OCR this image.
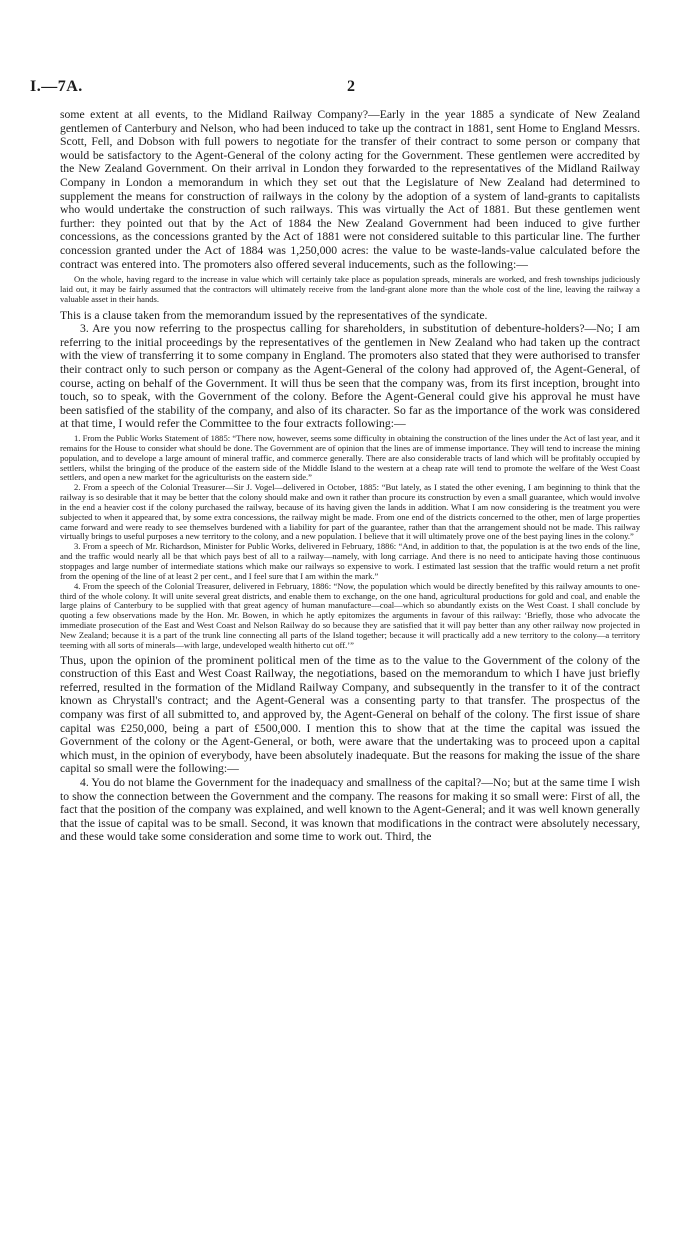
I.—7A.	2

some extent at all events, to the Midland Railway Company?—Early in the year 1885 a syndicate of New Zealand gentlemen of Canterbury and Nelson, who had been induced to take up the contract in 1881, sent Home to England Messrs. Scott, Fell, and Dobson with full powers to negotiate for the transfer of their contract to some person or company that would be satisfactory to the Agent-General of the colony acting for the Government. These gentlemen were accredited by the New Zealand Government. On their arrival in London they forwarded to the representatives of the Midland Railway Company in London a memorandum in which they set out that the Legislature of New Zealand had determined to supplement the means for construction of railways in the colony by the adoption of a system of land-grants to capitalists who would undertake the construction of such railways. This was virtually the Act of 1881. But these gentlemen went further: they pointed out that by the Act of 1884 the New Zealand Government had been induced to give further concessions, as the concessions granted by the Act of 1881 were not considered suitable to this particular line. The further concession granted under the Act of 1884 was 1,250,000 acres: the value to be waste-lands-value calculated before the contract was entered into. The promoters also offered several inducements, such as the following:—

On the whole, having regard to the increase in value which will certainly take place as population spreads, minerals are worked, and fresh townships judiciously laid out, it may be fairly assumed that the contractors will ultimately receive from the land-grant alone more than the whole cost of the line, leaving the railway a valuable asset in their hands.

This is a clause taken from the memorandum issued by the representatives of the syndicate.

3. Are you now referring to the prospectus calling for shareholders, in substitution of debenture-holders?—No; I am referring to the initial proceedings by the representatives of the gentlemen in New Zealand who had taken up the contract with the view of transferring it to some company in England. The promoters also stated that they were authorised to transfer their contract only to such person or company as the Agent-General of the colony had approved of, the Agent-General, of course, acting on behalf of the Government. It will thus be seen that the company was, from its first inception, brought into touch, so to speak, with the Government of the colony. Before the Agent-General could give his approval he must have been satisfied of the stability of the company, and also of its character. So far as the importance of the work was considered at that time, I would refer the Committee to the four extracts following:—

1. From the Public Works Statement of 1885: “There now, however, seems some difficulty in obtaining the construction of the lines under the Act of last year, and it remains for the House to consider what should be done. The Government are of opinion that the lines are of immense importance. They will tend to increase the mining population, and to develope a large amount of mineral traffic, and commerce generally. There are also considerable tracts of land which will be profitably occupied by settlers, whilst the bringing of the produce of the eastern side of the Middle Island to the western at a cheap rate will tend to promote the welfare of the West Coast settlers, and open a new market for the agriculturists on the eastern side.”

2. From a speech of the Colonial Treasurer—Sir J. Vogel—delivered in October, 1885: “But lately, as I stated the other evening, I am beginning to think that the railway is so desirable that it may be better that the colony should make and own it rather than procure its construction by even a small guarantee, which would involve in the end a heavier cost if the colony purchased the railway, because of its having given the lands in addition. What I am now considering is the treatment you were subjected to when it appeared that, by some extra concessions, the railway might be made. From one end of the districts concerned to the other, men of large properties came forward and were ready to see themselves burdened with a liability for part of the guarantee, rather than that the arrangement should not be made. This railway virtually brings to useful purposes a new territory to the colony, and a new population. I believe that it will ultimately prove one of the best paying lines in the colony.”

3. From a speech of Mr. Richardson, Minister for Public Works, delivered in February, 1886: “And, in addition to that, the population is at the two ends of the line, and the traffic would nearly all be that which pays best of all to a railway—namely, with long carriage. And there is no need to anticipate having those continuous stoppages and large number of intermediate stations which make our railways so expensive to work. I estimated last session that the traffic would return a net profit from the opening of the line of at least 2 per cent., and I feel sure that I am within the mark.”

4. From the speech of the Colonial Treasurer, delivered in February, 1886: “Now, the population which would be directly benefited by this railway amounts to one-third of the whole colony. It will unite several great districts, and enable them to exchange, on the one hand, agricultural productions for gold and coal, and enable the large plains of Canterbury to be supplied with that great agency of human manufacture—coal—which so abundantly exists on the West Coast. I shall conclude by quoting a few observations made by the Hon. Mr. Bowen, in which he aptly epitomizes the arguments in favour of this railway: ‘Briefly, those who advocate the immediate prosecution of the East and West Coast and Nelson Railway do so because they are satisfied that it will pay better than any other railway now projected in New Zealand; because it is a part of the trunk line connecting all parts of the Island together; because it will practically add a new territory to the colony—a territory teeming with all sorts of minerals—with large, undeveloped wealth hitherto cut off.’”

Thus, upon the opinion of the prominent political men of the time as to the value to the Government of the colony of the construction of this East and West Coast Railway, the negotiations, based on the memorandum to which I have just briefly referred, resulted in the formation of the Midland Railway Company, and subsequently in the transfer to it of the contract known as Chrystall's contract; and the Agent-General was a consenting party to that transfer. The prospectus of the company was first of all submitted to, and approved by, the Agent-General on behalf of the colony. The first issue of share capital was £250,000, being a part of £500,000. I mention this to show that at the time the capital was issued the Government of the colony or the Agent-General, or both, were aware that the undertaking was to proceed upon a capital which must, in the opinion of everybody, have been absolutely inadequate. But the reasons for making the issue of the share capital so small were the following:—

4. You do not blame the Government for the inadequacy and smallness of the capital?—No; but at the same time I wish to show the connection between the Government and the company. The reasons for making it so small were: First of all, the fact that the position of the company was explained, and well known to the Agent-General; and it was well known generally that the issue of capital was to be small. Second, it was known that modifications in the contract were absolutely necessary, and these would take some consideration and some time to work out. Third, the
